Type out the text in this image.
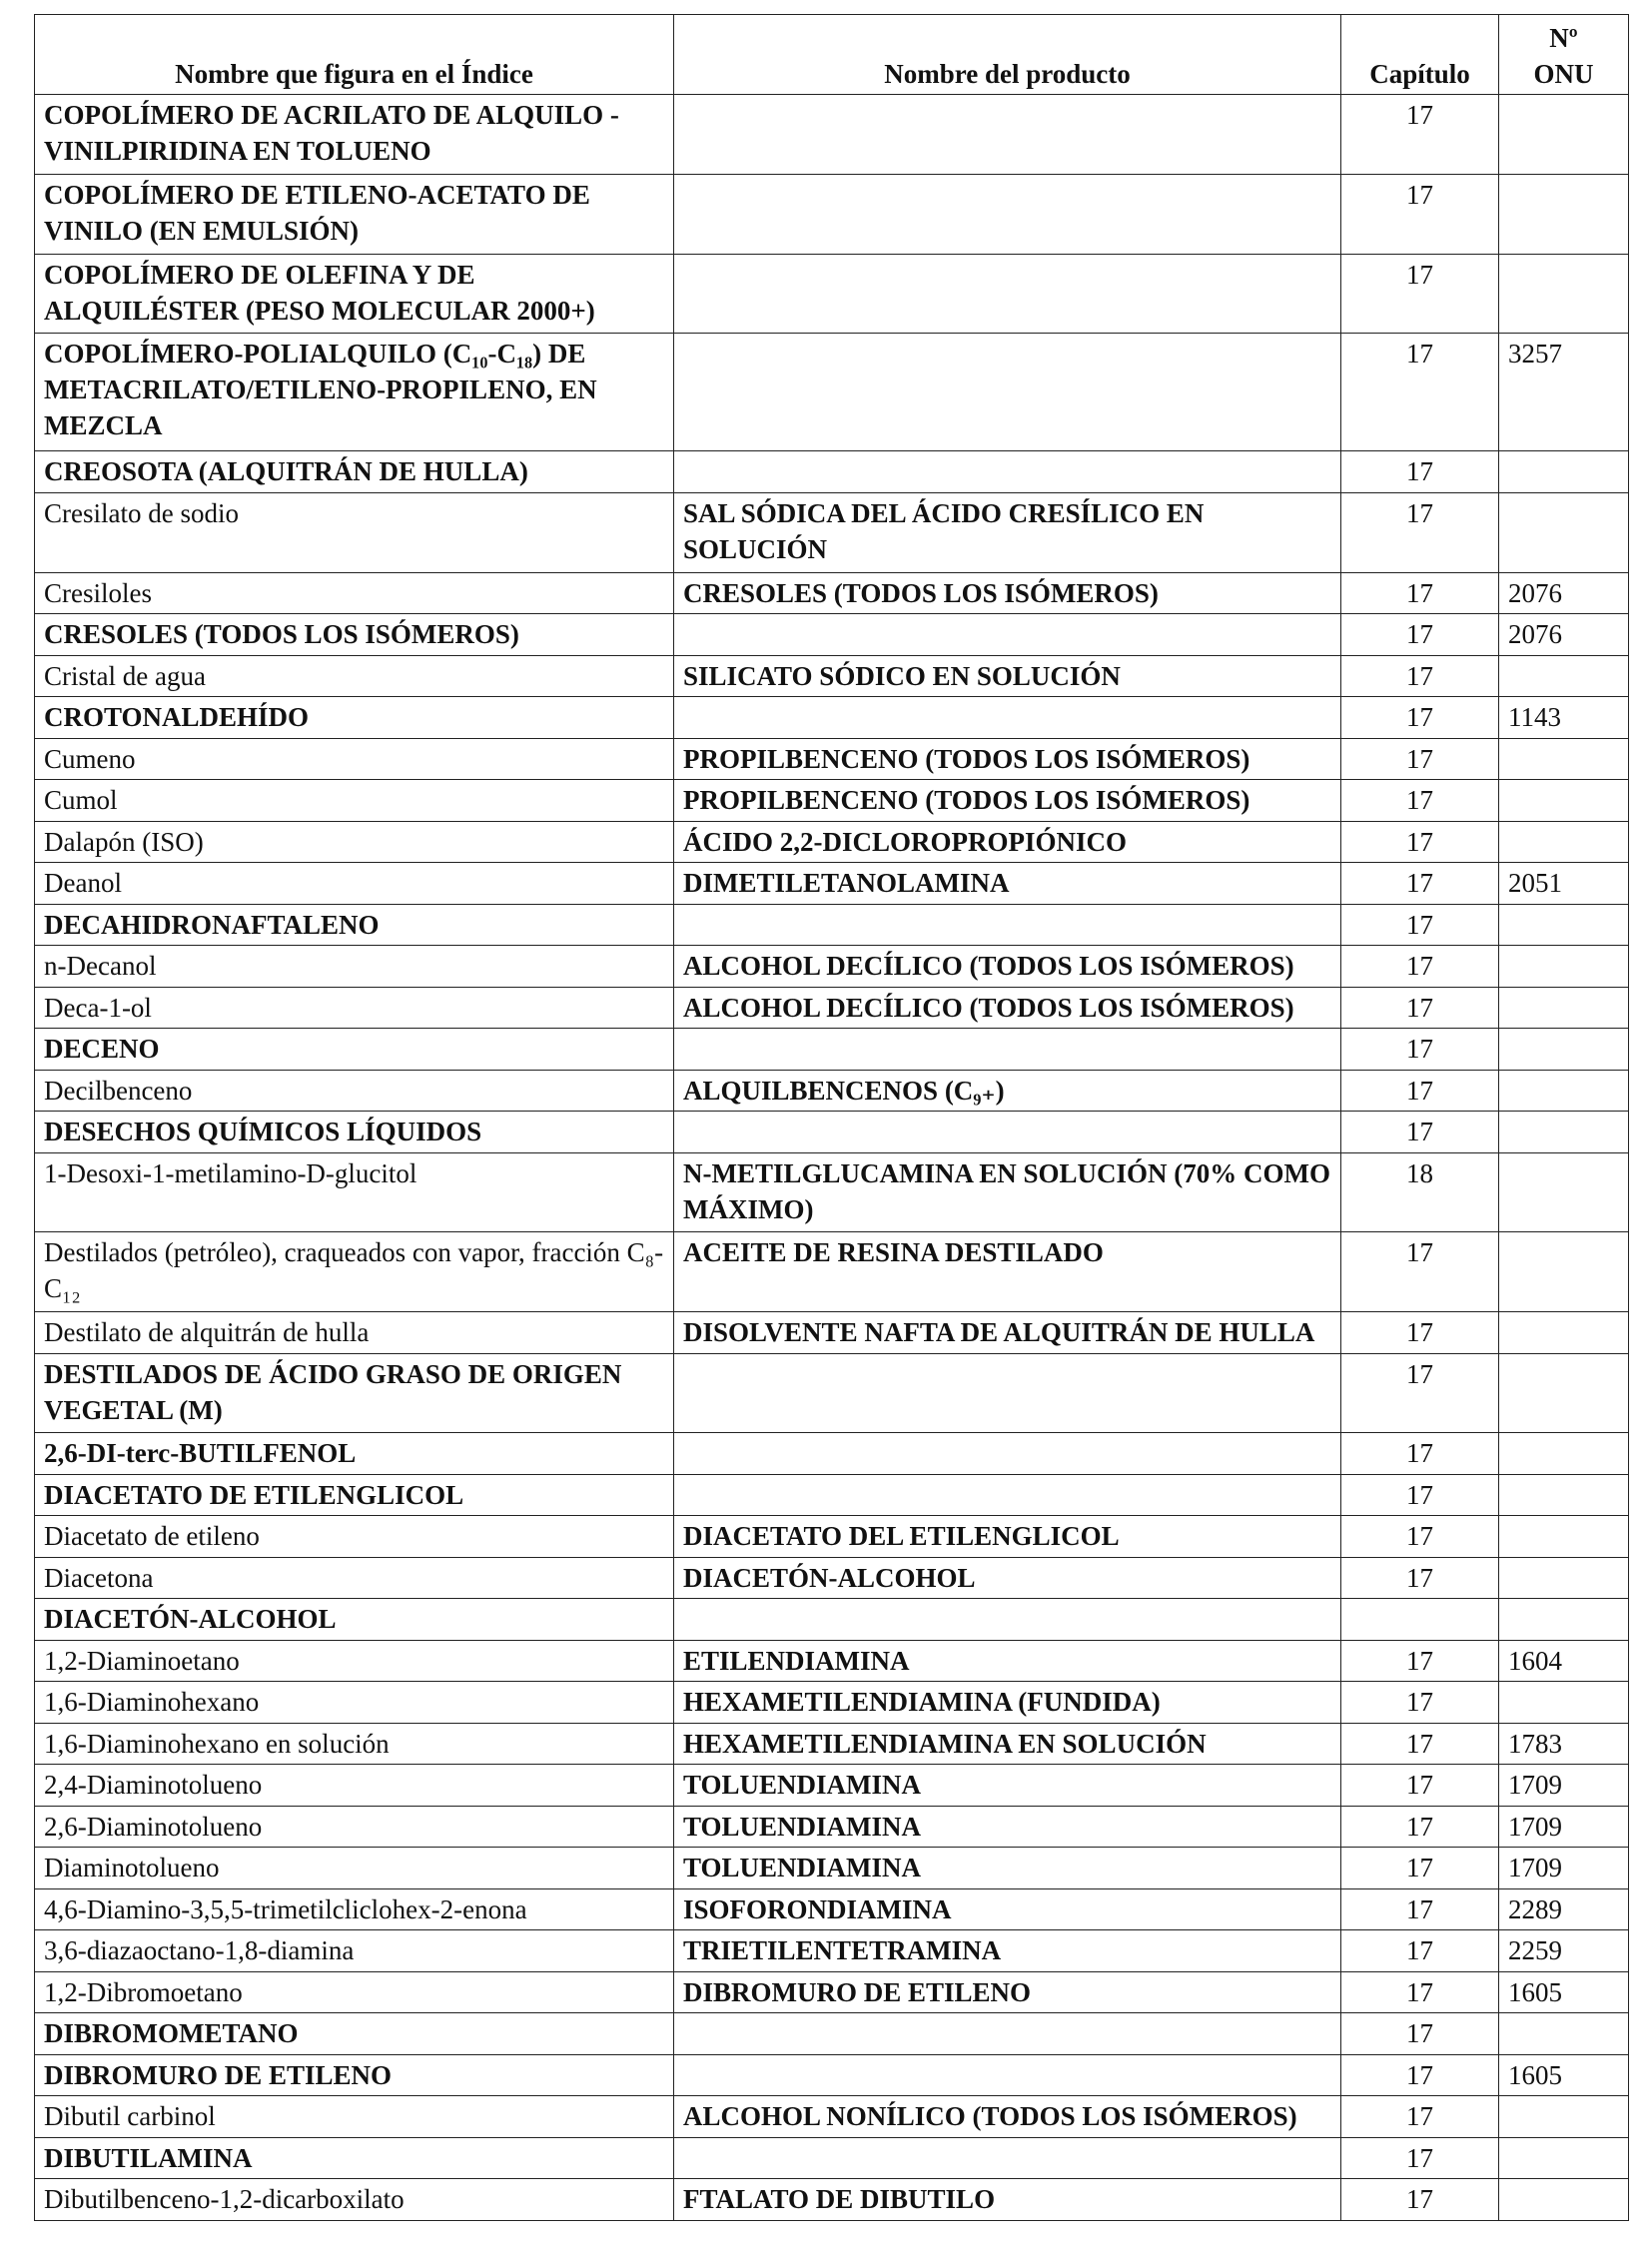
Nombre que figura en el Índice	Nombre del producto	Capítulo	Nº
ONU
COPOLÍMERO DE ACRILATO DE ALQUILO - VINILPIRIDINA EN TOLUENO		17	
COPOLÍMERO DE ETILENO-ACETATO DE VINILO (EN EMULSIÓN)		17	
COPOLÍMERO DE OLEFINA Y DE ALQUILÉSTER (PESO MOLECULAR 2000+)		17	
COPOLÍMERO-POLIALQUILO (C₁₀-C₁₈) DE METACRILATO/ETILENO-PROPILENO, EN MEZCLA		17	3257
CREOSOTA (ALQUITRÁN DE HULLA)		17	
Cresilato de sodio	SAL SÓDICA DEL ÁCIDO CRESÍLICO EN SOLUCIÓN	17	
Cresiloles	CRESOLES (TODOS LOS ISÓMEROS)	17	2076
CRESOLES (TODOS LOS ISÓMEROS)		17	2076
Cristal de agua	SILICATO SÓDICO EN SOLUCIÓN	17	
CROTONALDEHÍDO		17	1143
Cumeno	PROPILBENCENO (TODOS LOS ISÓMEROS)	17	
Cumol	PROPILBENCENO (TODOS LOS ISÓMEROS)	17	
Dalapón (ISO)	ÁCIDO 2,2-DICLOROPROPIÓNICO	17	
Deanol	DIMETILETANOLAMINA	17	2051
DECAHIDRONAFTALENO		17	
n-Decanol	ALCOHOL DECÍLICO (TODOS LOS ISÓMEROS)	17	
Deca-1-ol	ALCOHOL DECÍLICO (TODOS LOS ISÓMEROS)	17	
DECENO		17	
Decilbenceno	ALQUILBENCENOS (C₉₊)	17	
DESECHOS QUÍMICOS LÍQUIDOS		17	
1-Desoxi-1-metilamino-D-glucitol	N-METILGLUCAMINA EN SOLUCIÓN (70% COMO MÁXIMO)	18	
Destilados (petróleo), craqueados con vapor, fracción C₈-C₁₂	ACEITE DE RESINA DESTILADO	17	
Destilato de alquitrán de hulla	DISOLVENTE NAFTA DE ALQUITRÁN DE HULLA	17	
DESTILADOS DE ÁCIDO GRASO DE ORIGEN VEGETAL (M)		17	
2,6-DI-terc-BUTILFENOL		17	
DIACETATO DE ETILENGLICOL		17	
Diacetato de etileno	DIACETATO DEL ETILENGLICOL	17	
Diacetona	DIACETÓN-ALCOHOL	17	
DIACETÓN-ALCOHOL			
1,2-Diaminoetano	ETILENDIAMINA	17	1604
1,6-Diaminohexano	HEXAMETILENDIAMINA (FUNDIDA)	17	
1,6-Diaminohexano en solución	HEXAMETILENDIAMINA EN SOLUCIÓN	17	1783
2,4-Diaminotolueno	TOLUENDIAMINA	17	1709
2,6-Diaminotolueno	TOLUENDIAMINA	17	1709
Diaminotolueno	TOLUENDIAMINA	17	1709
4,6-Diamino-3,5,5-trimetilcliclohex-2-enona	ISOFORONDIAMINA	17	2289
3,6-diazaoctano-1,8-diamina	TRIETILENTETRAMINA	17	2259
1,2-Dibromoetano	DIBROMURO DE ETILENO	17	1605
DIBROMOMETANO		17	
DIBROMURO DE ETILENO		17	1605
Dibutil carbinol	ALCOHOL NONÍLICO (TODOS LOS ISÓMEROS)	17	
DIBUTILAMINA		17	
Dibutilbenceno-1,2-dicarboxilato	FTALATO DE DIBUTILO	17	
